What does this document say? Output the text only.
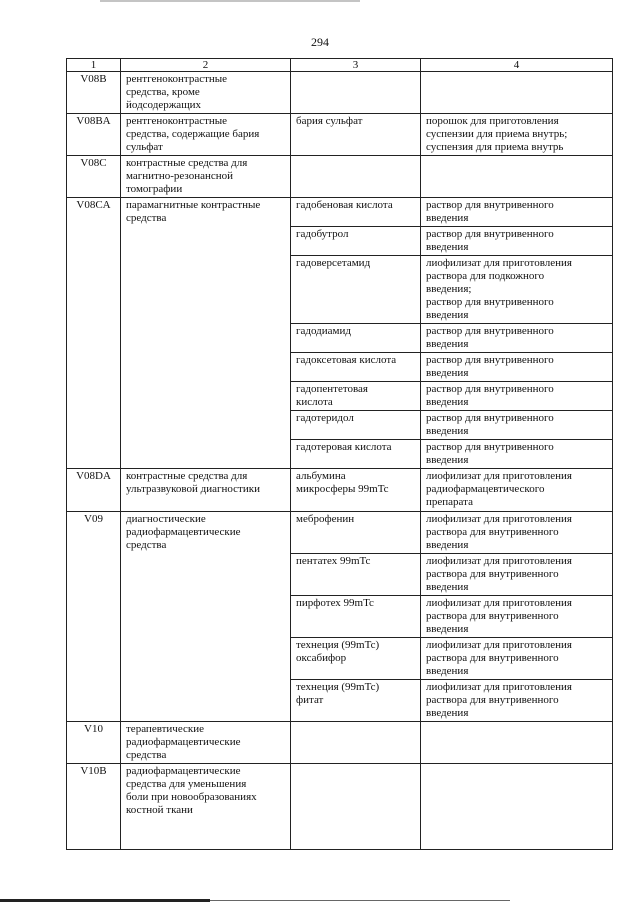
294
1	2	3	4
V08B	рентгеноконтрастные
средства, кроме
йодсодержащих		

V08BA	рентгеноконтрастные
средства, содержащие бария
сульфат	бария сульфат	порошок для приготовления
суспензии для приема внутрь;
суспензия для приема внутрь

V08C	контрастные средства для
магнитно-резонансной
томографии		

V08CA	парамагнитные контрастные
средства	гадобеновая кислота	раствор для внутривенного
введения

		гадобутрол	раствор для внутривенного
введения

		гадоверсетамид	лиофилизат для приготовления
раствора для подкожного
введения;
раствор для внутривенного
введения

		гадодиамид	раствор для внутривенного
введения

		гадоксетовая кислота	раствор для внутривенного
введения

		гадопентетовая
кислота	раствор для внутривенного
введения

		гадотеридол	раствор для внутривенного
введения

		гадотеровая кислота	раствор для внутривенного
введения

V08DA	контрастные средства для
ультразвуковой диагностики	альбумина
микросферы 99mTc	лиофилизат для приготовления
радиофармацевтического
препарата

V09	диагностические
радиофармацевтические
средства	меброфенин	лиофилизат для приготовления
раствора для внутривенного
введения

		пентатех 99mTc	лиофилизат для приготовления
раствора для внутривенного
введения

		пирфотех 99mTc	лиофилизат для приготовления
раствора для внутривенного
введения

		технеция (99mTc)
оксабифор	лиофилизат для приготовления
раствора для внутривенного
введения

		технеция (99mTc)
фитат	лиофилизат для приготовления
раствора для внутривенного
введения

V10	терапевтические
радиофармацевтические
средства		

V10B	радиофармацевтические
средства для уменьшения
боли при новообразованиях
костной ткани		
